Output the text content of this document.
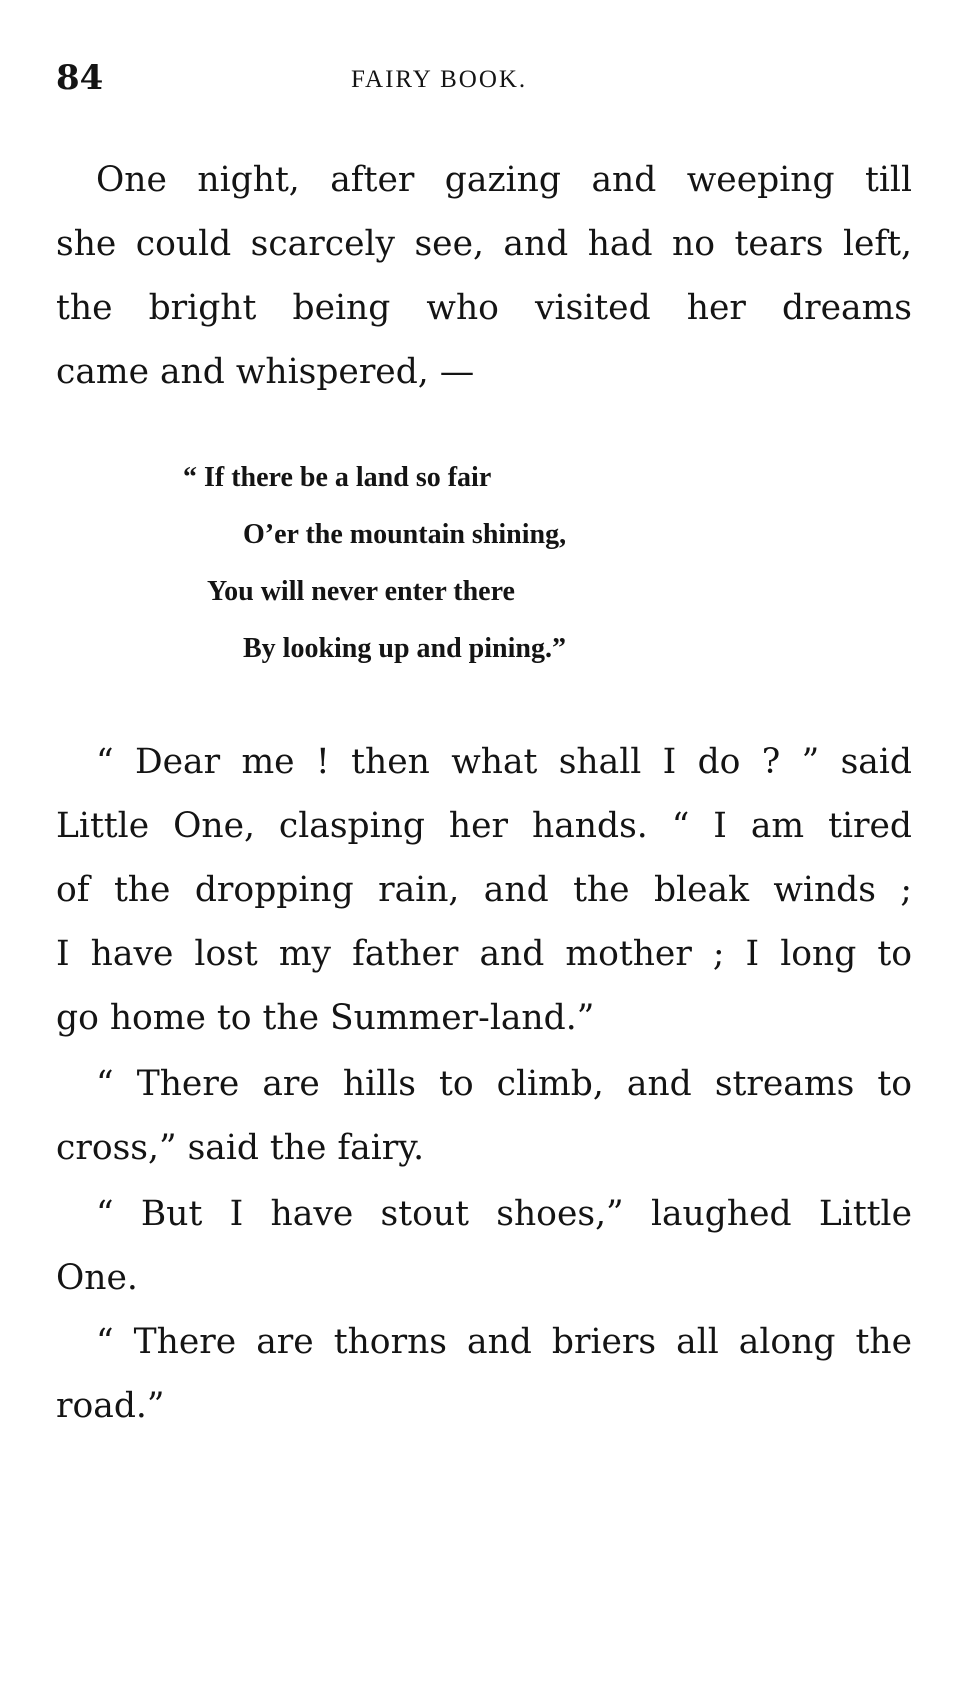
84	FAIRY BOOK.
One night, after gazing and weeping till
she could scarcely see, and had no tears left,
the bright being who visited her dreams
came and whispered, —
“ If there be a land so fair
O’er the mountain shining,
You will never enter there
By looking up and pining.”
“ Dear me ! then what shall I do ? ” said
Little One, clasping her hands. “ I am tired
of the dropping rain, and the bleak winds ;
I have lost my father and mother ; I long to
go home to the Summer-land.”
“ There are hills to climb, and streams to
cross,” said the fairy.
“ But I have stout shoes,” laughed Little
One.
“ There are thorns and briers all along the
road.”
